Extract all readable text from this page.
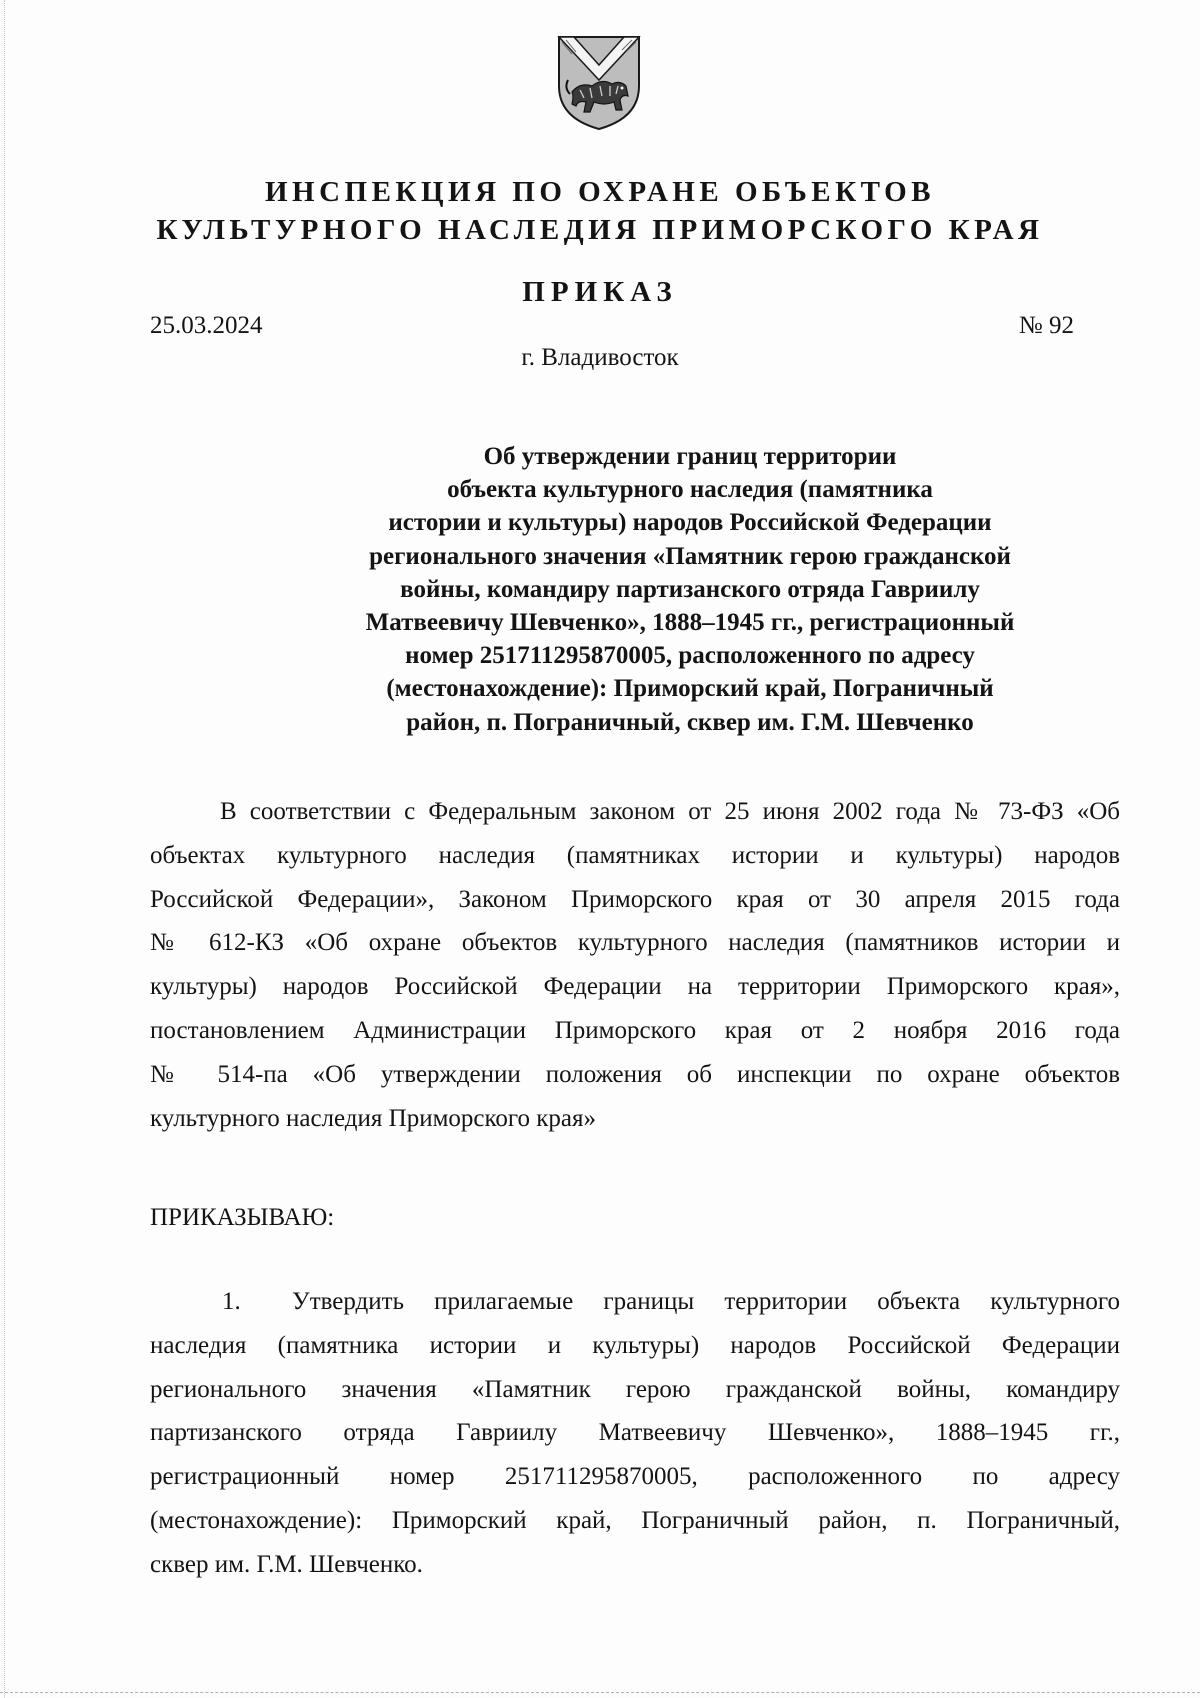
ИНСПЕКЦИЯ ПО ОХРАНЕ ОБЪЕКТОВ
КУЛЬТУРНОГО НАСЛЕДИЯ ПРИМОРСКОГО КРАЯ
ПРИКАЗ
25.03.2024	№ 92
г. Владивосток
Об утверждении границ территории
объекта культурного наследия (памятника
истории и культуры) народов Российской Федерации
регионального значения «Памятник герою гражданской
войны, командиру партизанского отряда Гавриилу
Матвеевичу Шевченко», 1888–1945 гг., регистрационный
номер 251711295870005, расположенного по адресу
(местонахождение): Приморский край, Пограничный
район, п. Пограничный, сквер им. Г.М. Шевченко
В соответствии с Федеральным законом от 25 июня 2002 года № 73-ФЗ «Об
объектах культурного наследия (памятниках истории и культуры) народов
Российской Федерации», Законом Приморского края от 30 апреля 2015 года
№ 612-КЗ «Об охране объектов культурного наследия (памятников истории и
культуры) народов Российской Федерации на территории Приморского края»,
постановлением Администрации Приморского края от 2 ноября 2016 года
№ 514-па «Об утверждении положения об инспекции по охране объектов
культурного наследия Приморского края»
ПРИКАЗЫВАЮ:
1. Утвердить прилагаемые границы территории объекта культурного
наследия (памятника истории и культуры) народов Российской Федерации
регионального значения «Памятник герою гражданской войны, командиру
партизанского отряда Гавриилу Матвеевичу Шевченко», 1888–1945 гг.,
регистрационный номер 251711295870005, расположенного по адресу
(местонахождение): Приморский край, Пограничный район, п. Пограничный,
сквер им. Г.М. Шевченко.
